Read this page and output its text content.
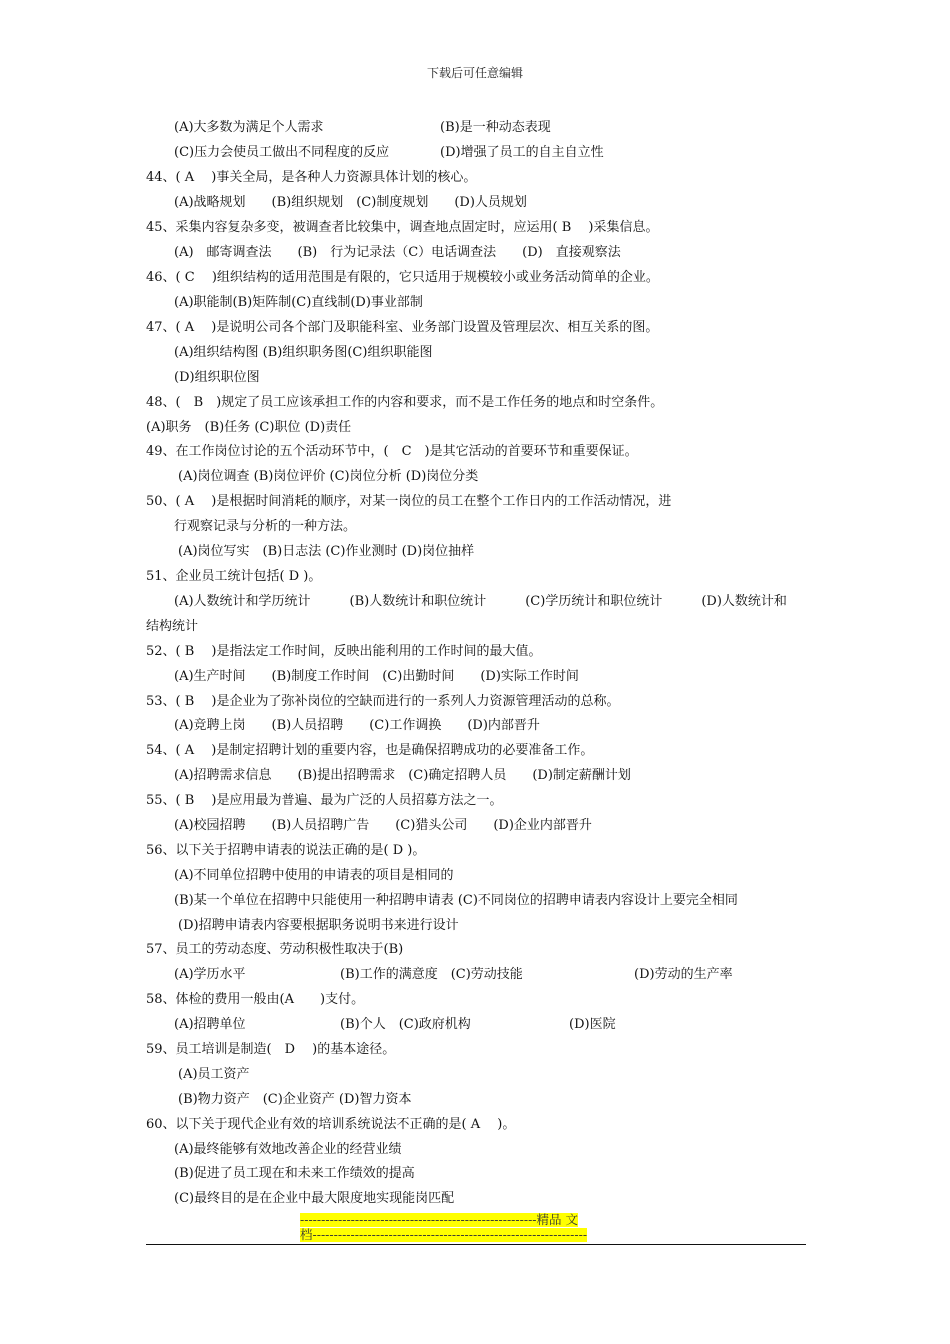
下载后可任意编辑
(A)大多数为满足个人需求	(B)是一种动态表现
(C)压力会使员工做出不同程度的反应	(D)增强了员工的自主自立性
44、( A　 )事关全局，是各种人力资源具体计划的核心。
(A)战略规划　　(B)组织规划　(C)制度规划　　(D)人员规划
45、采集内容复杂多变，被调查者比较集中，调查地点固定时，应运用( B　 )采集信息。
(A)　邮寄调查法　　(B)　行为记录法（C）电话调查法　　(D)　直接观察法
46、( C　 )组织结构的适用范围是有限的，它只适用于规模较小或业务活动简单的企业。
(A)职能制(B)矩阵制(C)直线制(D)事业部制
47、( A　 )是说明公司各个部门及职能科室、业务部门设置及管理层次、相互关系的图。
(A)组织结构图 (B)组织职务图(C)组织职能图
(D)组织职位图
48、(　B　)规定了员工应该承担工作的内容和要求，而不是工作任务的地点和时空条件。
(A)职务　(B)任务 (C)职位 (D)责任
49、在工作岗位讨论的五个活动环节中，(　C　)是其它活动的首要环节和重要保证。
(A)岗位调查 (B)岗位评价 (C)岗位分析 (D)岗位分类
50、( A　 )是根据时间消耗的顺序，对某一岗位的员工在整个工作日内的工作活动情况，进
行观察记录与分析的一种方法。
(A)岗位写实　(B)日志法 (C)作业测时 (D)岗位抽样
51、企业员工统计包括( D )。
(A)人数统计和学历统计　　　(B)人数统计和职位统计　　　(C)学历统计和职位统计　　　(D)人数统计和
结构统计
52、( B　 )是指法定工作时间，反映出能利用的工作时间的最大值。
(A)生产时间　　(B)制度工作时间　(C)出勤时间　　(D)实际工作时间
53、( B　 )是企业为了弥补岗位的空缺而进行的一系列人力资源管理活动的总称。
(A)竞聘上岗　　(B)人员招聘　　(C)工作调换　　(D)内部晋升
54、( A　 )是制定招聘计划的重要内容，也是确保招聘成功的必要准备工作。
(A)招聘需求信息　　(B)提出招聘需求　(C)确定招聘人员　　(D)制定薪酬计划
55、( B　 )是应用最为普遍、最为广泛的人员招募方法之一。
(A)校园招聘　　(B)人员招聘广告　　(C)猎头公司　　(D)企业内部晋升
56、以下关于招聘申请表的说法正确的是( D )。
(A)不同单位招聘中使用的申请表的项目是相同的
(B)某一个单位在招聘中只能使用一种招聘申请表 (C)不同岗位的招聘申请表内容设计上要完全相同
(D)招聘申请表内容要根据职务说明书来进行设计
57、员工的劳动态度、劳动积极性取决于(B)
(A)学历水平	(B)工作的满意度　(C)劳动技能	(D)劳动的生产率
58、体检的费用一般由(A　　)支付。
(A)招聘单位	(B)个人　(C)政府机构	(D)医院
59、员工培训是制造(　D　 )的基本途径。
(A)员工资产
(B)物力资产　(C)企业资产 (D)智力资本
60、以下关于现代企业有效的培训系统说法不正确的是( A　 )。
(A)最终能够有效地改善企业的经营业绩
(B)促进了员工现在和未来工作绩效的提高
(C)最终目的是在企业中最大限度地实现能岗匹配
--------------------------------------------------------精品 文
档-----------------------------------------------------------------
